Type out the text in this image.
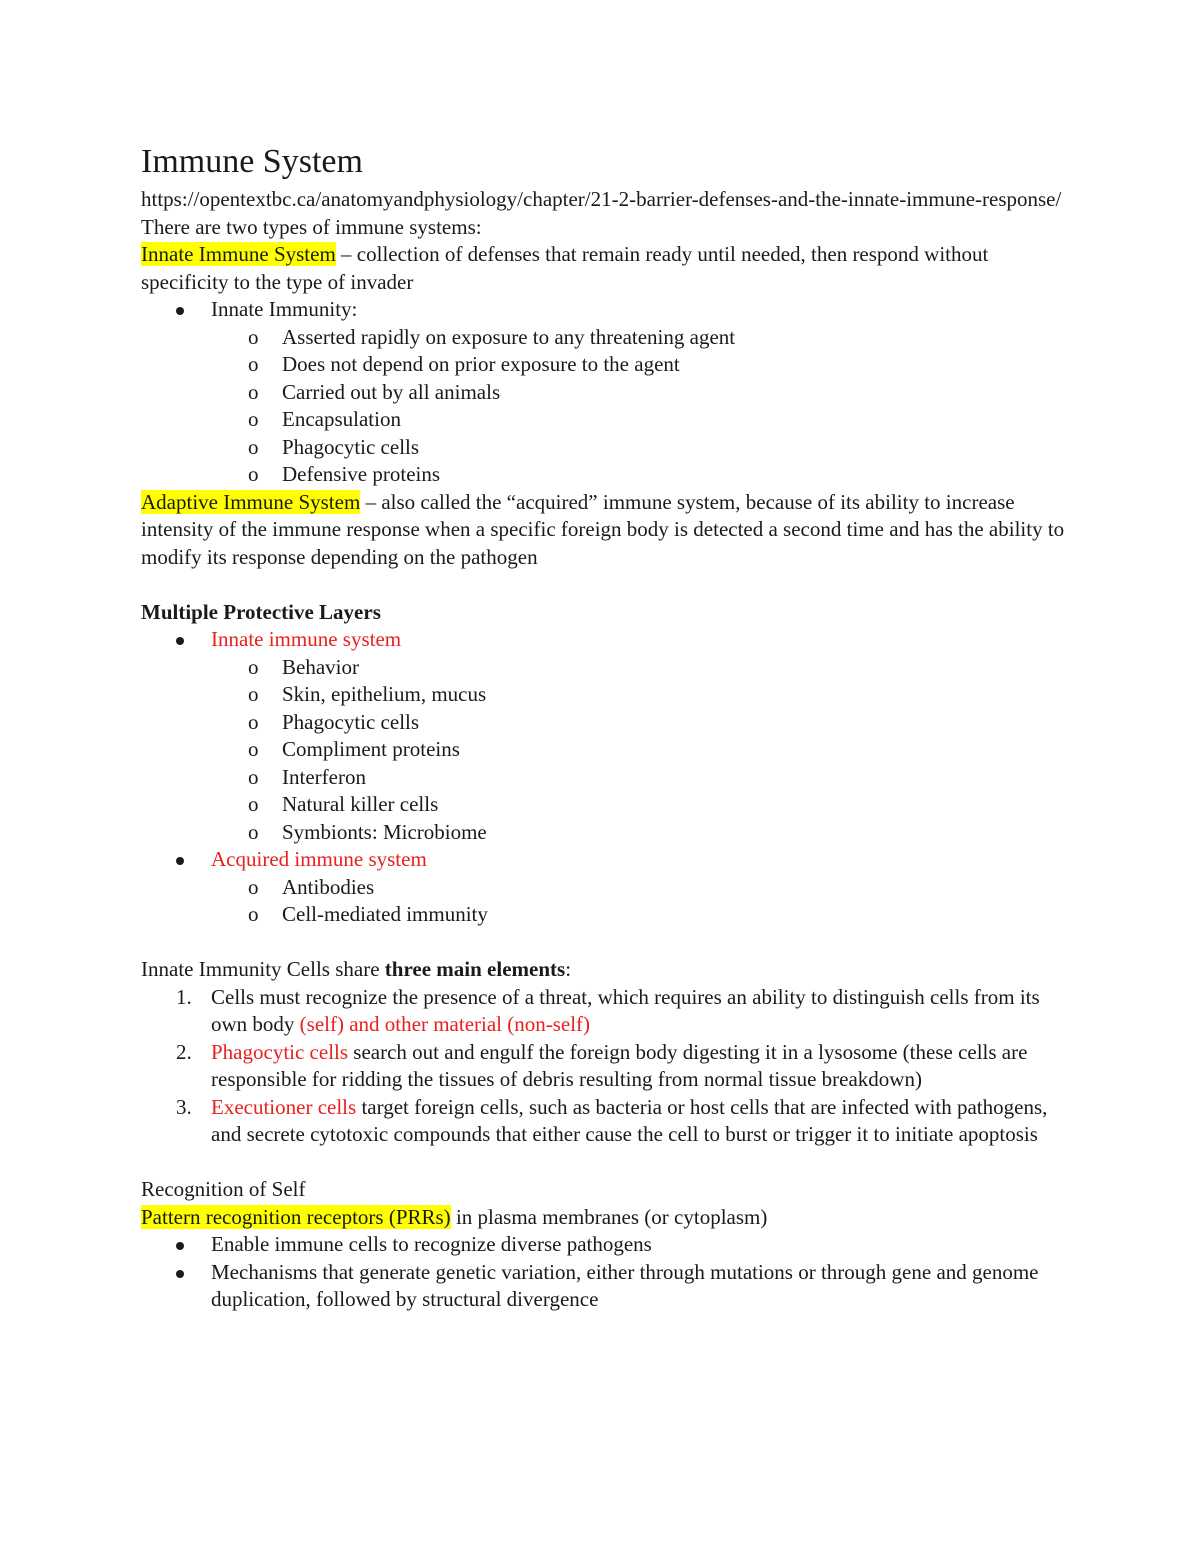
Immune System

https://opentextbc.ca/anatomyandphysiology/chapter/21-2-barrier-defenses-and-the-innate-immune-response/

There are two types of immune systems:

Innate Immune System – collection of defenses that remain ready until needed, then respond without specificity to the type of invader

Innate Immunity:
o Asserted rapidly on exposure to any threatening agent
o Does not depend on prior exposure to the agent
o Carried out by all animals
o Encapsulation
o Phagocytic cells
o Defensive proteins

Adaptive Immune System – also called the “acquired” immune system, because of its ability to increase intensity of the immune response when a specific foreign body is detected a second time and has the ability to modify its response depending on the pathogen

Multiple Protective Layers

Innate immune system
o Behavior
o Skin, epithelium, mucus
o Phagocytic cells
o Compliment proteins
o Interferon
o Natural killer cells
o Symbionts: Microbiome
Acquired immune system
o Antibodies
o Cell-mediated immunity

Innate Immunity Cells share three main elements:

1. Cells must recognize the presence of a threat, which requires an ability to distinguish cells from its own body (self) and other material (non-self)
2. Phagocytic cells search out and engulf the foreign body digesting it in a lysosome (these cells are responsible for ridding the tissues of debris resulting from normal tissue breakdown)
3. Executioner cells target foreign cells, such as bacteria or host cells that are infected with pathogens, and secrete cytotoxic compounds that either cause the cell to burst or trigger it to initiate apoptosis

Recognition of Self

Pattern recognition receptors (PRRs) in plasma membranes (or cytoplasm)

Enable immune cells to recognize diverse pathogens
Mechanisms that generate genetic variation, either through mutations or through gene and genome duplication, followed by structural divergence
